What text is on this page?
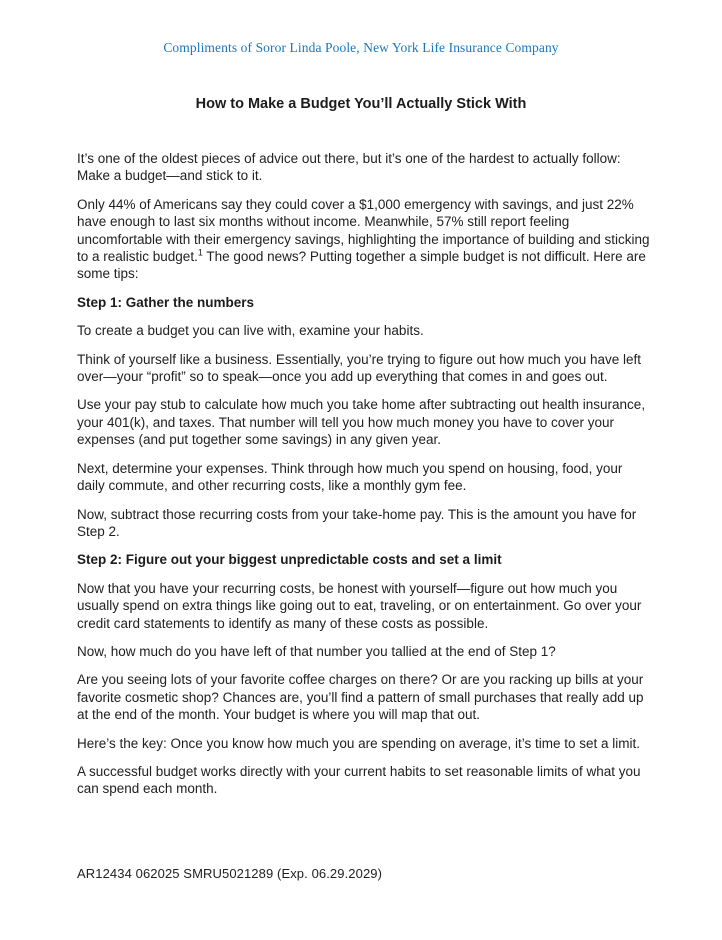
Compliments of Soror Linda Poole, New York Life Insurance Company
How to Make a Budget You’ll Actually Stick With

It’s one of the oldest pieces of advice out there, but it’s one of the hardest to actually follow: Make a budget—and stick to it.

Only 44% of Americans say they could cover a $1,000 emergency with savings, and just 22% have enough to last six months without income. Meanwhile, 57% still report feeling uncomfortable with their emergency savings, highlighting the importance of building and sticking to a realistic budget.$^1$ The good news? Putting together a simple budget is not difficult. Here are some tips:

Step 1: Gather the numbers

To create a budget you can live with, examine your habits.

Think of yourself like a business. Essentially, you’re trying to figure out how much you have left over—your “profit” so to speak—once you add up everything that comes in and goes out.

Use your pay stub to calculate how much you take home after subtracting out health insurance, your 401(k), and taxes. That number will tell you how much money you have to cover your expenses (and put together some savings) in any given year.

Next, determine your expenses. Think through how much you spend on housing, food, your daily commute, and other recurring costs, like a monthly gym fee.

Now, subtract those recurring costs from your take-home pay. This is the amount you have for Step 2.

Step 2: Figure out your biggest unpredictable costs and set a limit

Now that you have your recurring costs, be honest with yourself—figure out how much you usually spend on extra things like going out to eat, traveling, or on entertainment. Go over your credit card statements to identify as many of these costs as possible.

Now, how much do you have left of that number you tallied at the end of Step 1?

Are you seeing lots of your favorite coffee charges on there? Or are you racking up bills at your favorite cosmetic shop? Chances are, you’ll find a pattern of small purchases that really add up at the end of the month. Your budget is where you will map that out.

Here’s the key: Once you know how much you are spending on average, it’s time to set a limit.

A successful budget works directly with your current habits to set reasonable limits of what you can spend each month.

AR12434 062025 SMRU5021289 (Exp. 06.29.2029)
